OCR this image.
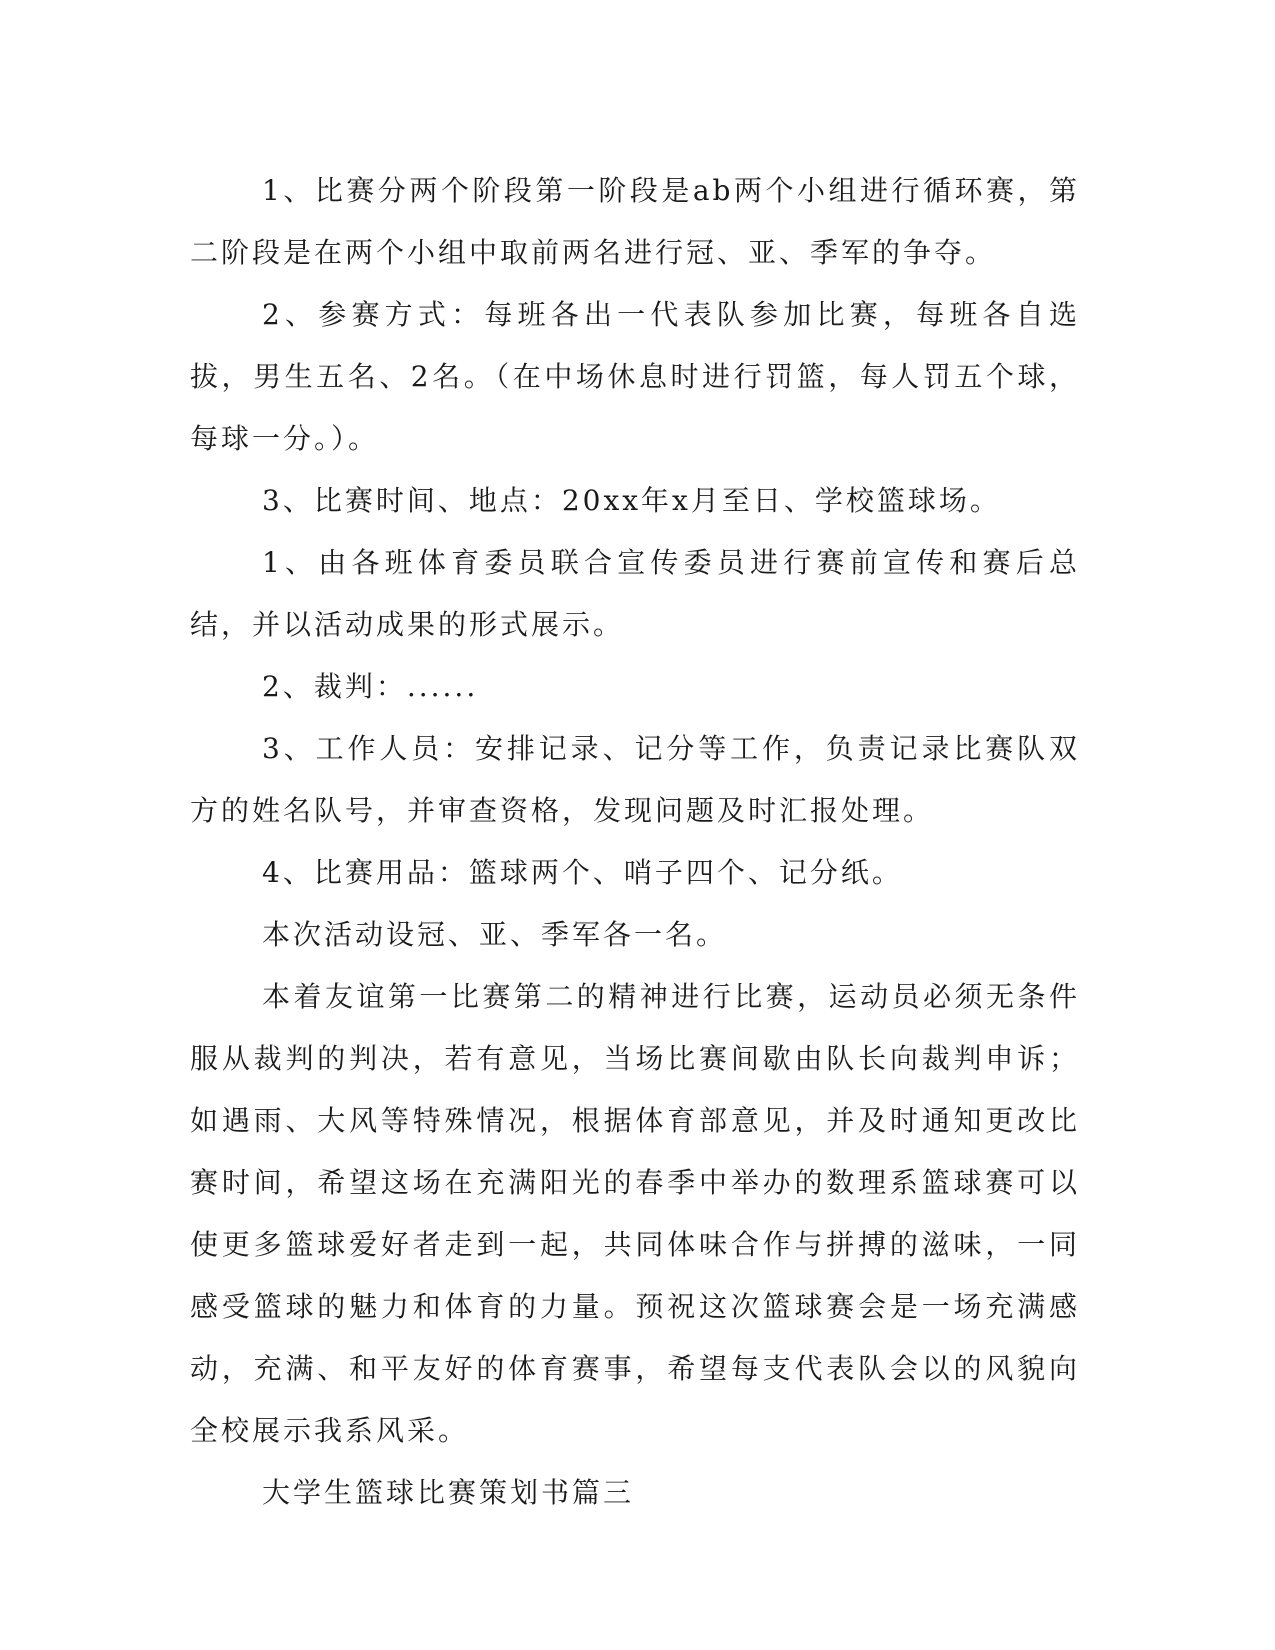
1、比赛分两个阶段第一阶段是ab两个小组进行循环赛，第二阶段是在两个小组中取前两名进行冠、亚、季军的争夺。

2、参赛方式：每班各出一代表队参加比赛，每班各自选拔，男生五名、2名。（在中场休息时进行罚篮，每人罚五个球，每球一分。）。

3、比赛时间、地点：20xx年x月至日、学校篮球场。

1、由各班体育委员联合宣传委员进行赛前宣传和赛后总结，并以活动成果的形式展示。

2、裁判：......

3、工作人员：安排记录、记分等工作，负责记录比赛队双方的姓名队号，并审查资格，发现问题及时汇报处理。

4、比赛用品：篮球两个、哨子四个、记分纸。

本次活动设冠、亚、季军各一名。

本着友谊第一比赛第二的精神进行比赛，运动员必须无条件服从裁判的判决，若有意见，当场比赛间歇由队长向裁判申诉；如遇雨、大风等特殊情况，根据体育部意见，并及时通知更改比赛时间，希望这场在充满阳光的春季中举办的数理系篮球赛可以使更多篮球爱好者走到一起，共同体味合作与拼搏的滋味，一同感受篮球的魅力和体育的力量。预祝这次篮球赛会是一场充满感动，充满、和平友好的体育赛事，希望每支代表队会以的风貌向全校展示我系风采。

大学生篮球比赛策划书篇三
